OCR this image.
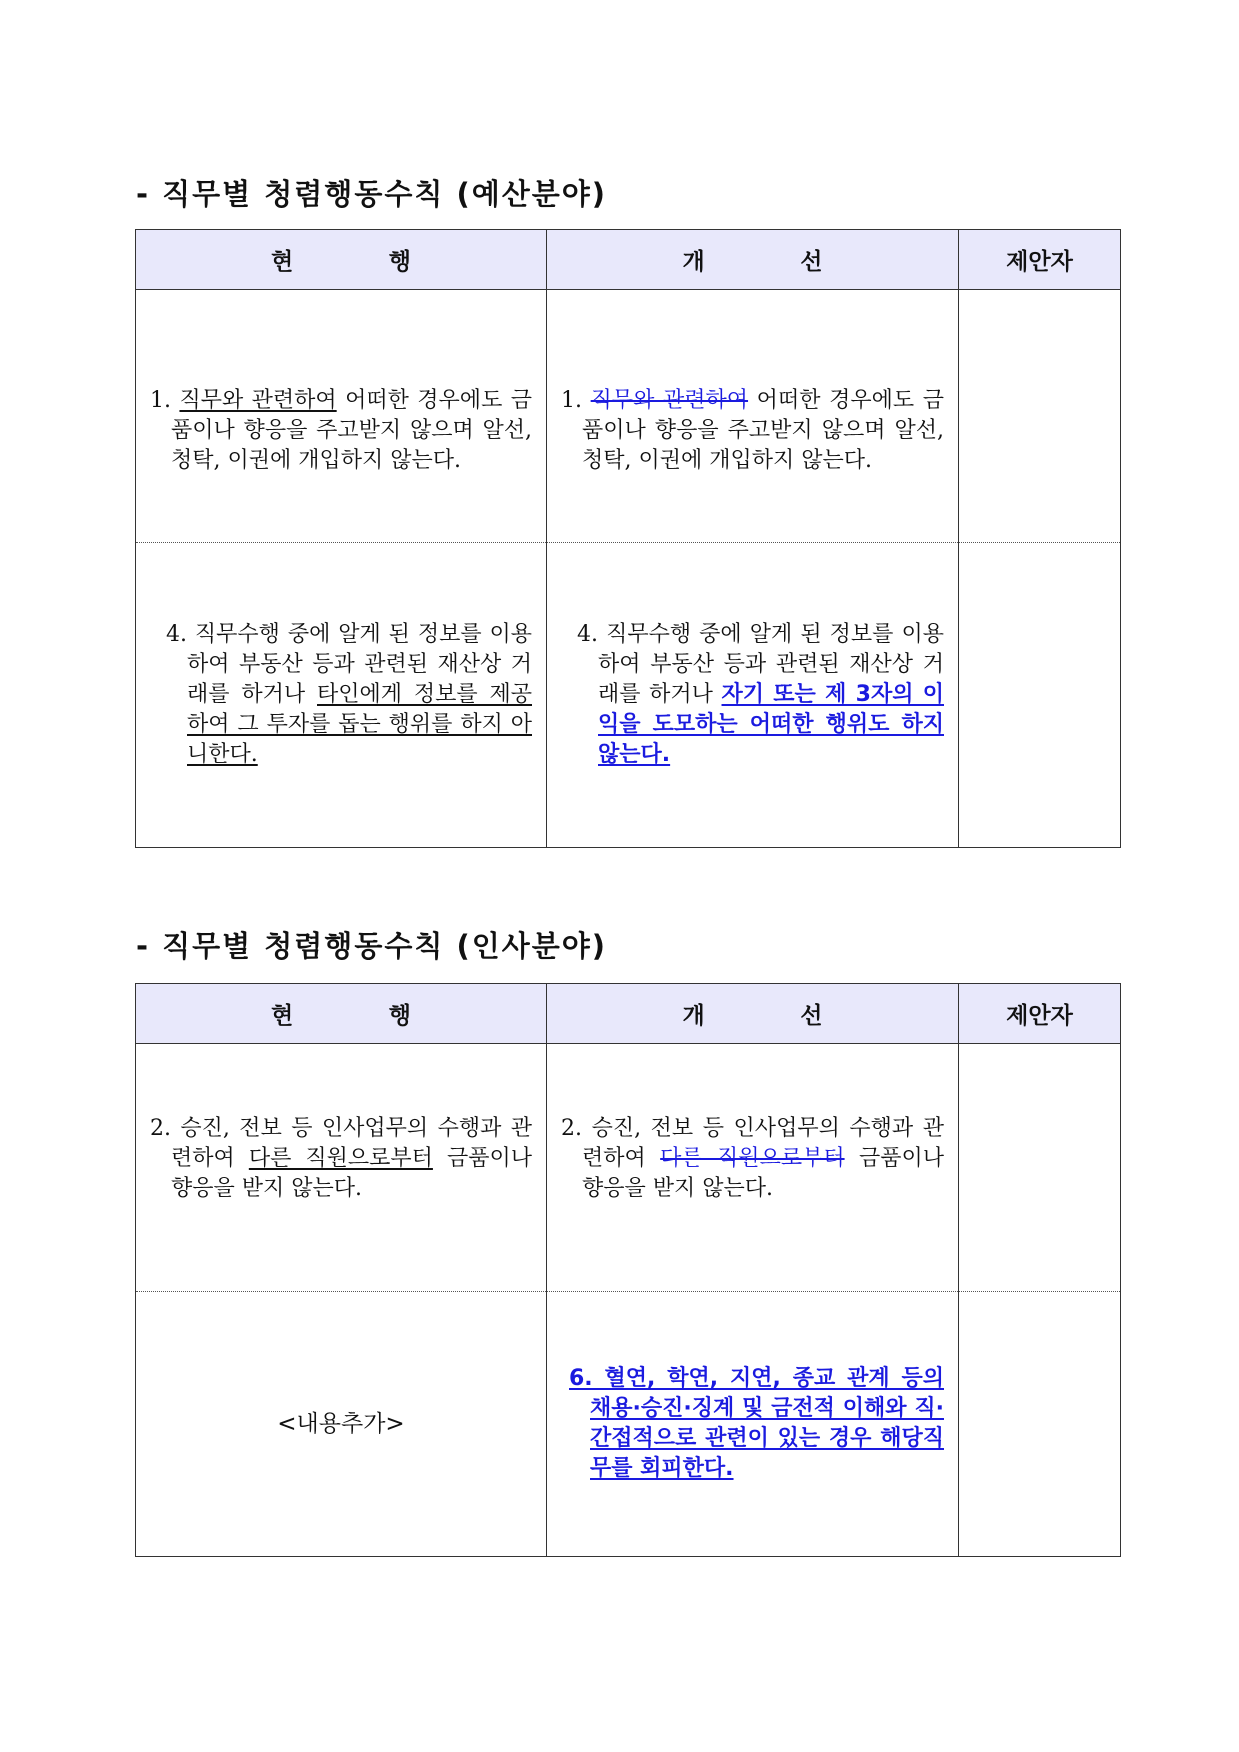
- 직무별 청렴행동수칙 (예산분야)
현 행	개 선	제안자

1. 직무와 관련하여 어떠한 경우에도 금품이나 향응을 주고받지 않으며 알선, 청탁, 이권에 개입하지 않는다.	1. 직무와 관련하여 어떠한 경우에도 금품이나 향응을 주고받지 않으며 알선, 청탁, 이권에 개입하지 않는다.	

4. 직무수행 중에 알게 된 정보를 이용하여 부동산 등과 관련된 재산상 거래를 하거나 타인에게 정보를 제공하여 그 투자를 돕는 행위를 하지 아니한다.	4. 직무수행 중에 알게 된 정보를 이용하여 부동산 등과 관련된 재산상 거래를 하거나 자기 또는 제 3자의 이익을 도모하는 어떠한 행위도 하지 않는다.	

- 직무별 청렴행동수칙 (인사분야)
현 행	개 선	제안자

2. 승진, 전보 등 인사업무의 수행과 관련하여 다른 직원으로부터 금품이나 향응을 받지 않는다.	2. 승진, 전보 등 인사업무의 수행과 관련하여 다른 직원으로부터 금품이나 향응을 받지 않는다.	

<내용추가>	6. 혈연, 학연, 지연, 종교 관계 등의 채용·승진·징계 및 금전적 이해와 직·간접적으로 관련이 있는 경우 해당직무를 회피한다.	
